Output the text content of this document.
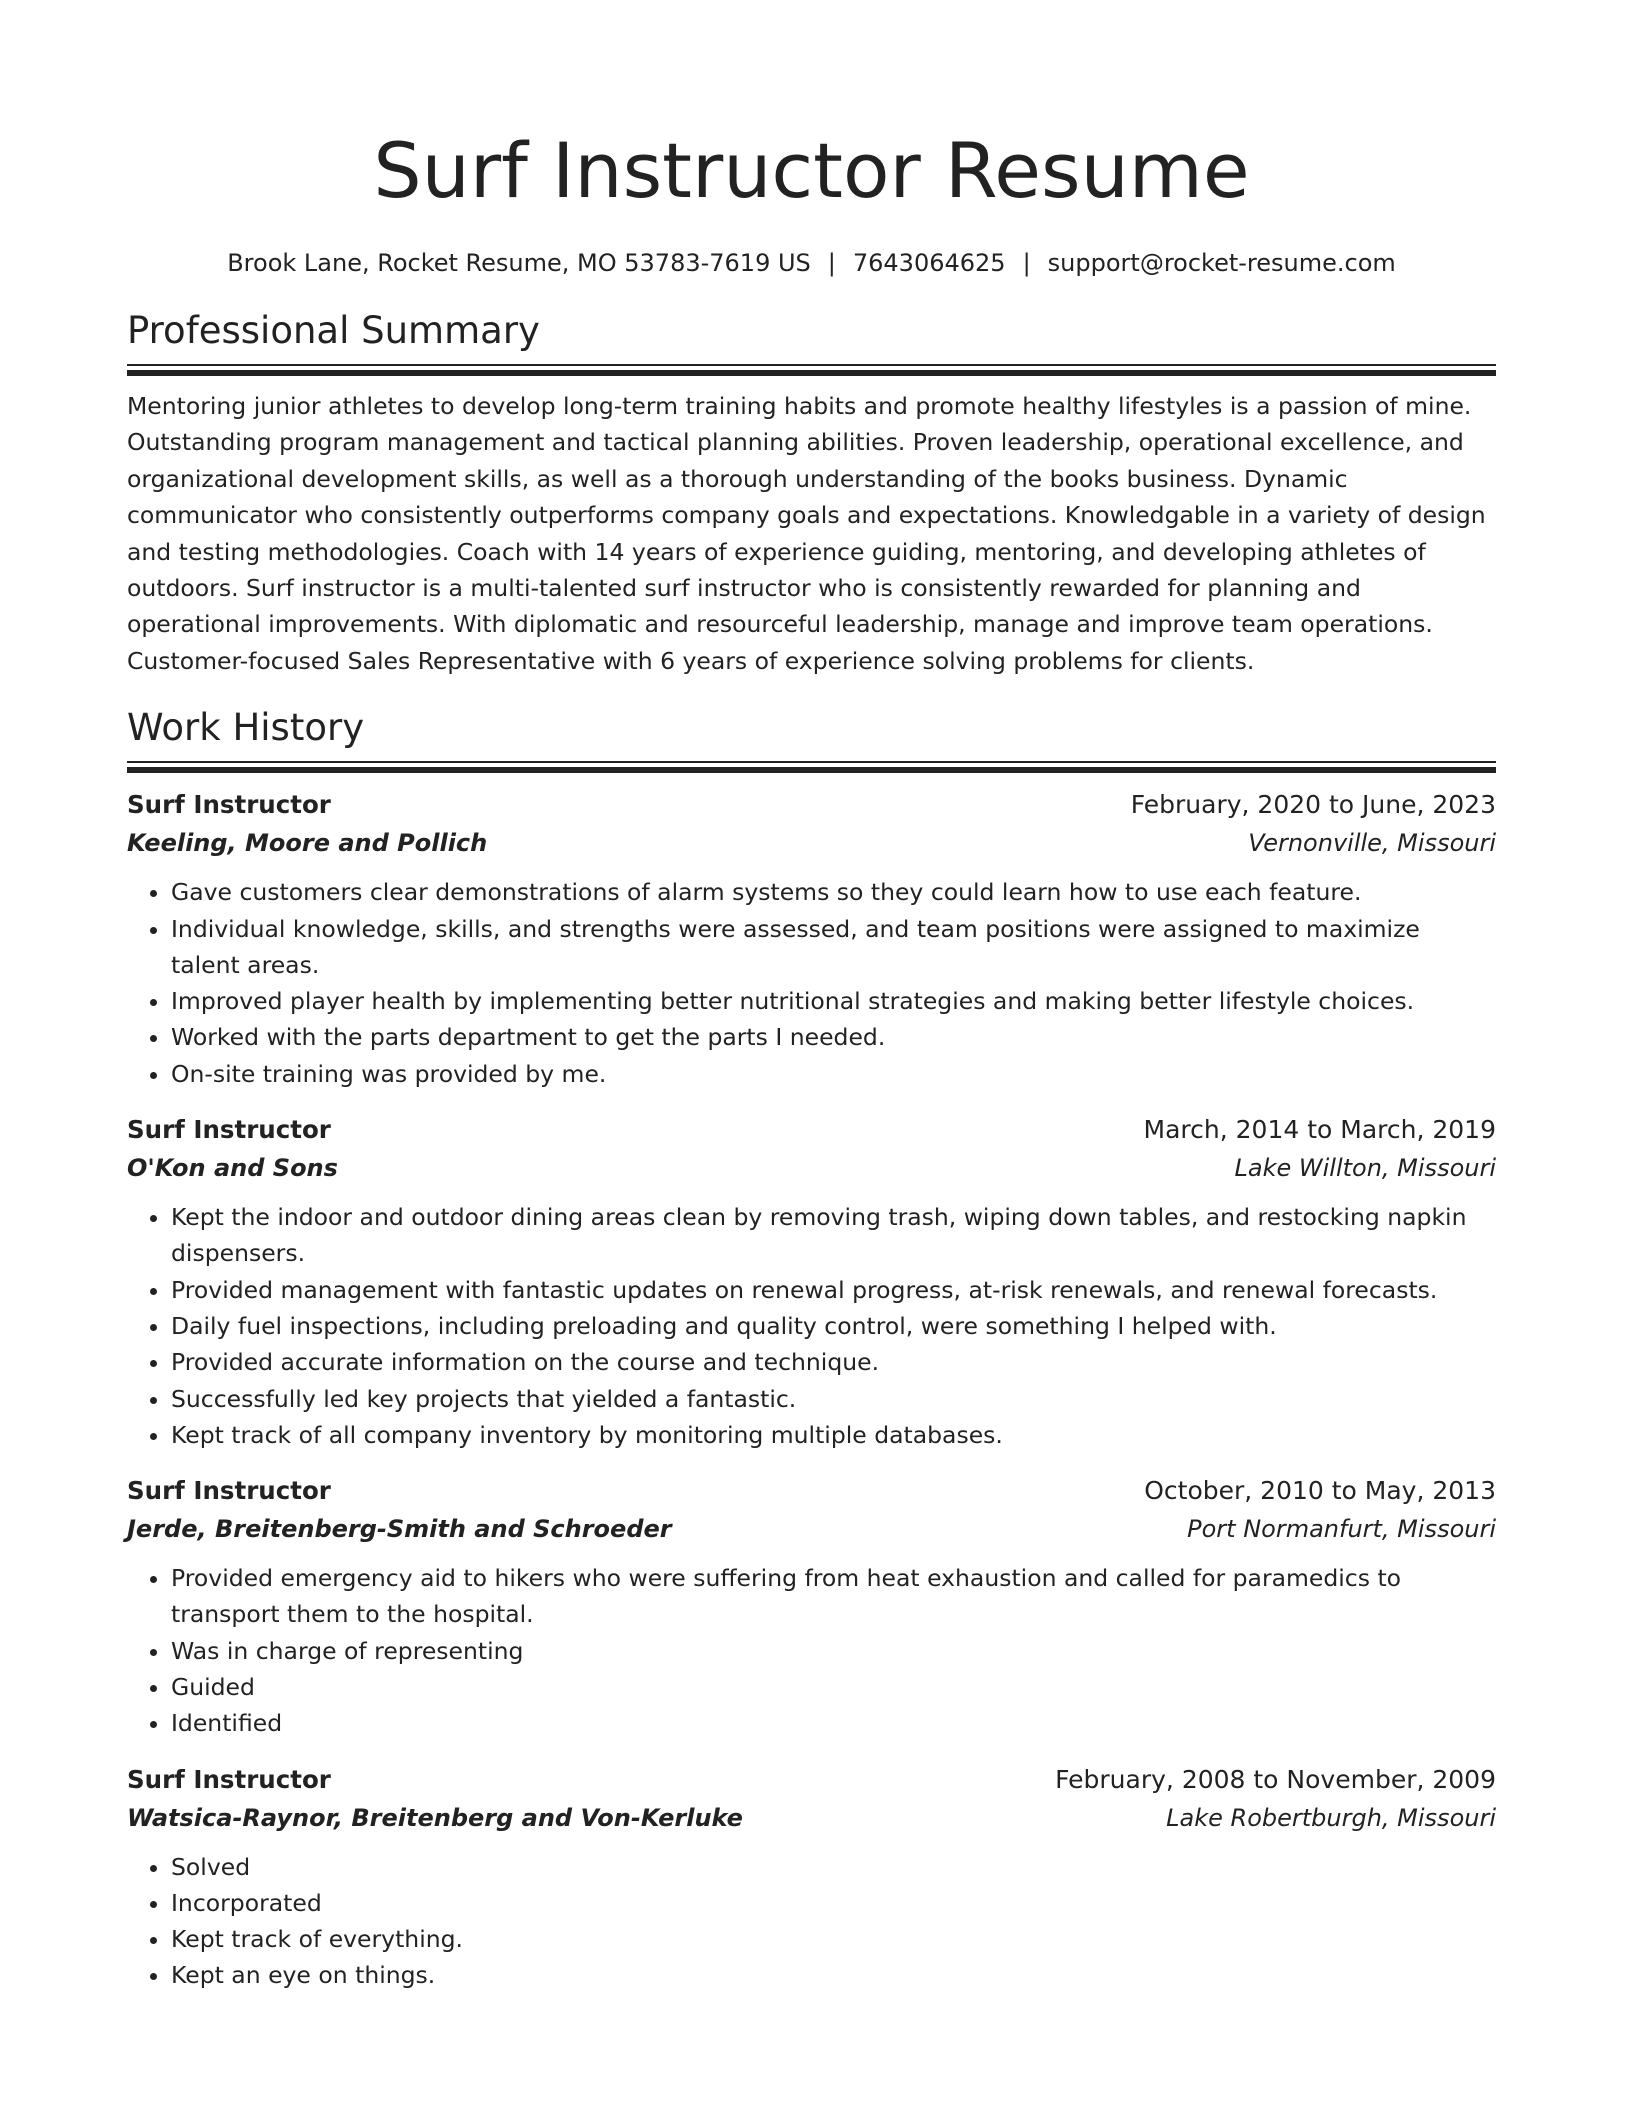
Surf Instructor Resume
Brook Lane, Rocket Resume, MO 53783-7619 US | 7643064625 | support@rocket-resume.com
Professional Summary

Mentoring junior athletes to develop long-term training habits and promote healthy lifestyles is a passion of mine. Outstanding program management and tactical planning abilities. Proven leadership, operational excellence, and organizational development skills, as well as a thorough understanding of the books business. Dynamic communicator who consistently outperforms company goals and expectations. Knowledgable in a variety of design and testing methodologies. Coach with 14 years of experience guiding, mentoring, and developing athletes of outdoors. Surf instructor is a multi-talented surf instructor who is consistently rewarded for planning and operational improvements. With diplomatic and resourceful leadership, manage and improve team operations. Customer-focused Sales Representative with 6 years of experience solving problems for clients.

Work History
Surf Instructor	February, 2020 to June, 2023
Keeling, Moore and Pollich	Vernonville, Missouri
• Gave customers clear demonstrations of alarm systems so they could learn how to use each feature.
• Individual knowledge, skills, and strengths were assessed, and team positions were assigned to maximize talent areas.
• Improved player health by implementing better nutritional strategies and making better lifestyle choices.
• Worked with the parts department to get the parts I needed.
• On-site training was provided by me.
Surf Instructor	March, 2014 to March, 2019
O'Kon and Sons	Lake Willton, Missouri
• Kept the indoor and outdoor dining areas clean by removing trash, wiping down tables, and restocking napkin dispensers.
• Provided management with fantastic updates on renewal progress, at-risk renewals, and renewal forecasts.
• Daily fuel inspections, including preloading and quality control, were something I helped with.
• Provided accurate information on the course and technique.
• Successfully led key projects that yielded a fantastic.
• Kept track of all company inventory by monitoring multiple databases.
Surf Instructor	October, 2010 to May, 2013
Jerde, Breitenberg-Smith and Schroeder	Port Normanfurt, Missouri
• Provided emergency aid to hikers who were suffering from heat exhaustion and called for paramedics to transport them to the hospital.
• Was in charge of representing
• Guided
• Identified
Surf Instructor	February, 2008 to November, 2009
Watsica-Raynor, Breitenberg and Von-Kerluke	Lake Robertburgh, Missouri
• Solved
• Incorporated
• Kept track of everything.
• Kept an eye on things.
